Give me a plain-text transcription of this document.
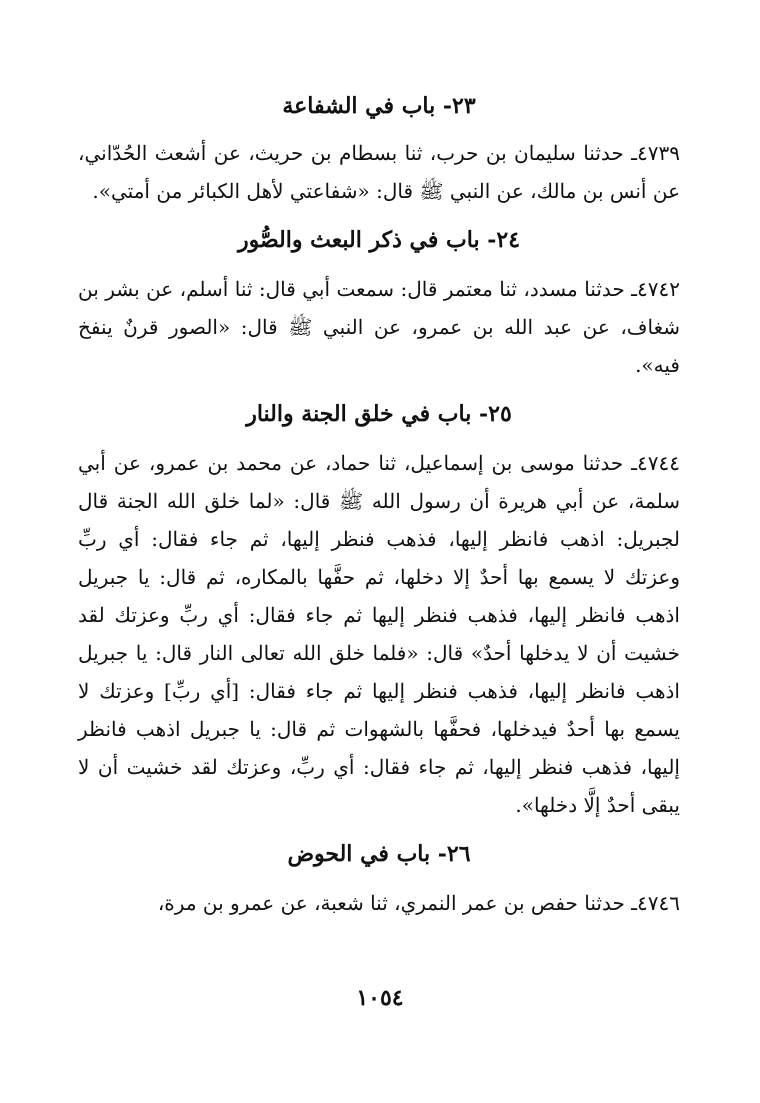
٢٣- باب في الشفاعة

٤٧٣٩ـ حدثنا سليمان بن حرب، ثنا بسطام بن حريث، عن أشعث الحُدّاني، عن أنس بن مالك، عن النبي ﷺ قال: «شفاعتي لأهل الكبائر من أمتي».

٢٤- باب في ذكر البعث والصُّور

٤٧٤٢ـ حدثنا مسدد، ثنا معتمر قال: سمعت أبي قال: ثنا أسلم، عن بشر بن شغاف، عن عبد الله بن عمرو، عن النبي ﷺ قال: «الصور قرنٌ ينفخ فيه».

٢٥- باب في خلق الجنة والنار

٤٧٤٤ـ حدثنا موسى بن إسماعيل، ثنا حماد، عن محمد بن عمرو، عن أبي سلمة، عن أبي هريرة أن رسول الله ﷺ قال: «لما خلق الله الجنة قال لجبريل: اذهب فانظر إليها، فذهب فنظر إليها، ثم جاء فقال: أي ربِّ وعزتك لا يسمع بها أحدٌ إلا دخلها، ثم حفَّها بالمكاره، ثم قال: يا جبريل اذهب فانظر إليها، فذهب فنظر إليها ثم جاء فقال: أي ربِّ وعزتك لقد خشيت أن لا يدخلها أحدٌ» قال: «فلما خلق الله تعالى النار قال: يا جبريل اذهب فانظر إليها، فذهب فنظر إليها ثم جاء فقال: [أي ربِّ] وعزتك لا يسمع بها أحدٌ فيدخلها، فحفَّها بالشهوات ثم قال: يا جبريل اذهب فانظر إليها، فذهب فنظر إليها، ثم جاء فقال: أي ربِّ، وعزتك لقد خشيت أن لا يبقى أحدٌ إلَّا دخلها».

٢٦- باب في الحوض

٤٧٤٦ـ حدثنا حفص بن عمر النمري، ثنا شعبة، عن عمرو بن مرة،

١٠٥٤
